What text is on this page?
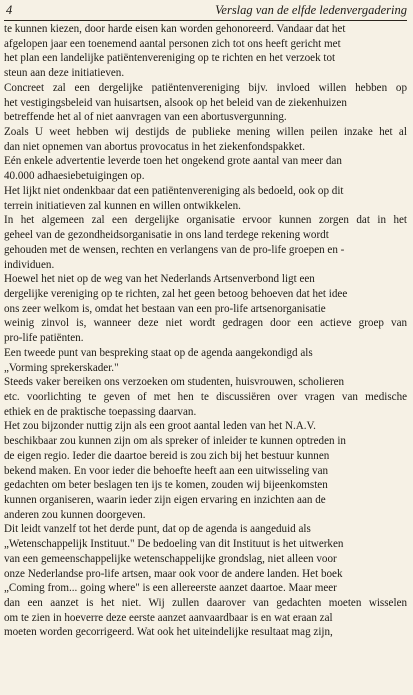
4	Verslag van de elfde ledenvergadering
te kunnen kiezen, door harde eisen kan worden gehonoreerd. Vandaar dat het
afgelopen jaar een toenemend aantal personen zich tot ons heeft gericht met
het plan een landelijke patiëntenvereniging op te richten en het verzoek tot
steun aan deze initiatieven.
Concreet zal een dergelijke patiëntenvereniging bijv. invloed willen hebben op
het vestigingsbeleid van huisartsen, alsook op het beleid van de ziekenhuizen
betreffende het al of niet aanvragen van een abortusvergunning.
Zoals U weet hebben wij destijds de publieke mening willen peilen inzake het al
dan niet opnemen van abortus provocatus in het ziekenfondspakket.
Eén enkele advertentie leverde toen het ongekend grote aantal van meer dan
40.000 adhaesiebetuigingen op.
Het lijkt niet ondenkbaar dat een patiëntenvereniging als bedoeld, ook op dit
terrein initiatieven zal kunnen en willen ontwikkelen.
In het algemeen zal een dergelijke organisatie ervoor kunnen zorgen dat in het
geheel van de gezondheidsorganisatie in ons land terdege rekening wordt
gehouden met de wensen, rechten en verlangens van de pro-life groepen en -
individuen.
Hoewel het niet op de weg van het Nederlands Artsenverbond ligt een
dergelijke vereniging op te richten, zal het geen betoog behoeven dat het idee
ons zeer welkom is, omdat het bestaan van een pro-life artsenorganisatie
weinig zinvol is, wanneer deze niet wordt gedragen door een actieve groep van
pro-life patiënten.
Een tweede punt van bespreking staat op de agenda aangekondigd als
„Vorming sprekerskader."
Steeds vaker bereiken ons verzoeken om studenten, huisvrouwen, scholieren
etc. voorlichting te geven of met hen te discussiëren over vragen van medische
ethiek en de praktische toepassing daarvan.
Het zou bijzonder nuttig zijn als een groot aantal leden van het N.A.V.
beschikbaar zou kunnen zijn om als spreker of inleider te kunnen optreden in
de eigen regio. Ieder die daartoe bereid is zou zich bij het bestuur kunnen
bekend maken. En voor ieder die behoefte heeft aan een uitwisseling van
gedachten om beter beslagen ten ijs te komen, zouden wij bijeenkomsten
kunnen organiseren, waarin ieder zijn eigen ervaring en inzichten aan de
anderen zou kunnen doorgeven.
Dit leidt vanzelf tot het derde punt, dat op de agenda is aangeduid als
„Wetenschappelijk Instituut." De bedoeling van dit Instituut is het uitwerken
van een gemeenschappelijke wetenschappelijke grondslag, niet alleen voor
onze Nederlandse pro-life artsen, maar ook voor de andere landen. Het boek
„Coming from... going where" is een allereerste aanzet daartoe. Maar meer
dan een aanzet is het niet. Wij zullen daarover van gedachten moeten wisselen
om te zien in hoeverre deze eerste aanzet aanvaardbaar is en wat eraan zal
moeten worden gecorrigeerd. Wat ook het uiteindelijke resultaat mag zijn,
